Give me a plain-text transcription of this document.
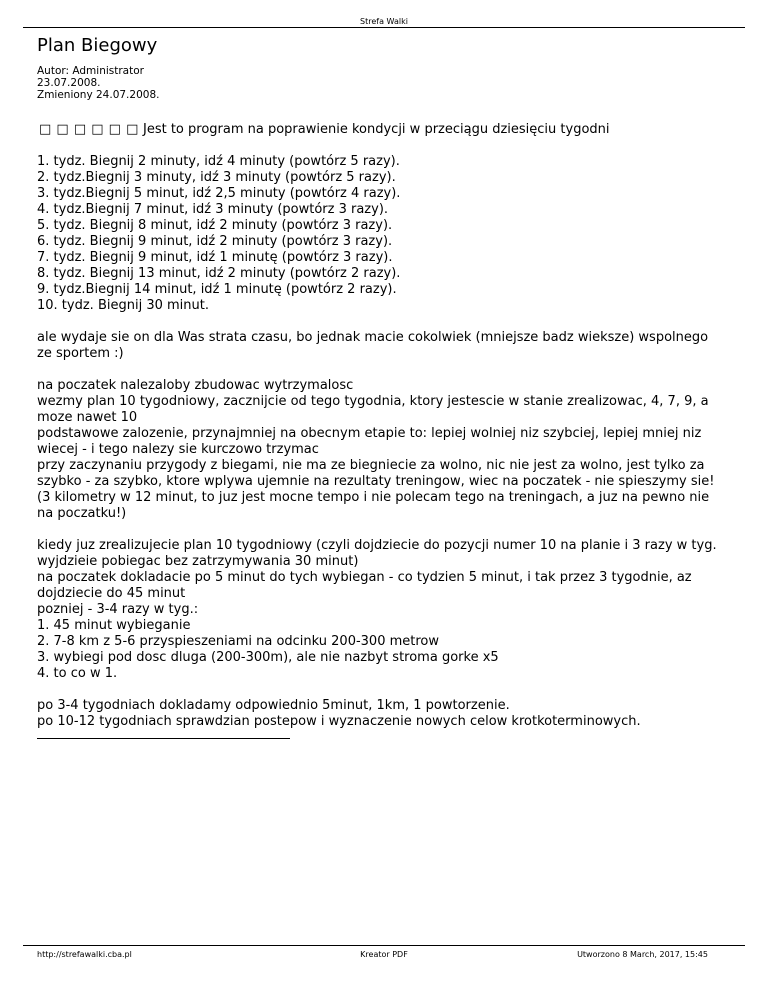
Strefa Walki
Plan Biegowy
Autor: Administrator
23.07.2008.
Zmieniony 24.07.2008.
□ □ □ □ □ □ Jest to program na poprawienie kondycji w przeciągu dziesięciu tygodni
1. tydz. Biegnij 2 minuty, idź 4 minuty (powtórz 5 razy).
2. tydz.Biegnij 3 minuty, idź 3 minuty (powtórz 5 razy).
3. tydz.Biegnij 5 minut, idź 2,5 minuty (powtórz 4 razy).
4. tydz.Biegnij 7 minut, idź 3 minuty (powtórz 3 razy).
5. tydz. Biegnij 8 minut, idź 2 minuty (powtórz 3 razy).
6. tydz. Biegnij 9 minut, idź 2 minuty (powtórz 3 razy).
7. tydz. Biegnij 9 minut, idź 1 minutę (powtórz 3 razy).
8. tydz. Biegnij 13 minut, idź 2 minuty (powtórz 2 razy).
9. tydz.Biegnij 14 minut, idź 1 minutę (powtórz 2 razy).
10. tydz. Biegnij 30 minut.
ale wydaje sie on dla Was strata czasu, bo jednak macie cokolwiek (mniejsze badz wieksze) wspolnego
ze sportem :)
na poczatek nalezaloby zbudowac wytrzymalosc
wezmy plan 10 tygodniowy, zacznijcie od tego tygodnia, ktory jestescie w stanie zrealizowac, 4, 7, 9, a
moze nawet 10
podstawowe zalozenie, przynajmniej na obecnym etapie to: lepiej wolniej niz szybciej, lepiej mniej niz
wiecej - i tego nalezy sie kurczowo trzymac
przy zaczynaniu przygody z biegami, nie ma ze biegniecie za wolno, nic nie jest za wolno, jest tylko za
szybko - za szybko, ktore wplywa ujemnie na rezultaty treningow, wiec na poczatek - nie spieszymy sie!
(3 kilometry w 12 minut, to juz jest mocne tempo i nie polecam tego na treningach, a juz na pewno nie
na poczatku!)
kiedy juz zrealizujecie plan 10 tygodniowy (czyli dojdziecie do pozycji numer 10 na planie i 3 razy w tyg.
wyjdzieie pobiegac bez zatrzymywania 30 minut)
na poczatek dokladacie po 5 minut do tych wybiegan - co tydzien 5 minut, i tak przez 3 tygodnie, az
dojdziecie do 45 minut
pozniej - 3-4 razy w tyg.:
1. 45 minut wybieganie
2. 7-8 km z 5-6 przyspieszeniami na odcinku 200-300 metrow
3. wybiegi pod dosc dluga (200-300m), ale nie nazbyt stroma gorke x5
4. to co w 1.
po 3-4 tygodniach dokladamy odpowiednio 5minut, 1km, 1 powtorzenie.
po 10-12 tygodniach sprawdzian postepow i wyznaczenie nowych celow krotkoterminowych.
http://strefawalki.cba.pl	Kreator PDF	Utworzono 8 March, 2017, 15:45
